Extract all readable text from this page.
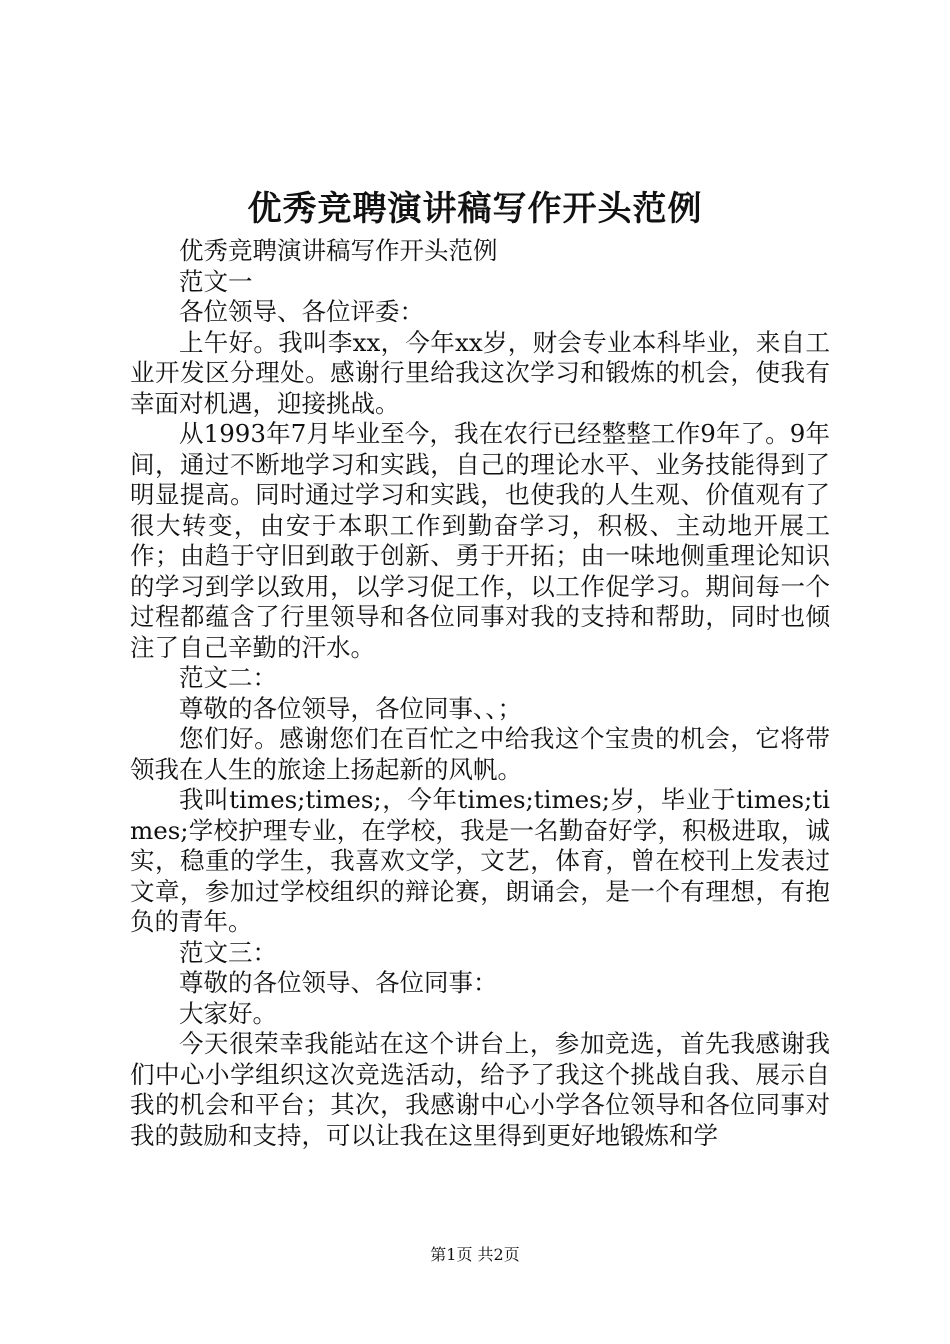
优秀竞聘演讲稿写作开头范例

优秀竞聘演讲稿写作开头范例

范文一

各位领导、各位评委：

上午好。我叫李xx，今年xx岁，财会专业本科毕业，来自工业开发区分理处。感谢行里给我这次学习和锻炼的机会，使我有幸面对机遇，迎接挑战。

从1993年7月毕业至今，我在农行已经整整工作9年了。9年间，通过不断地学习和实践，自己的理论水平、业务技能得到了明显提高。同时通过学习和实践，也使我的人生观、价值观有了很大转变，由安于本职工作到勤奋学习，积极、主动地开展工作；由趋于守旧到敢于创新、勇于开拓；由一味地侧重理论知识的学习到学以致用，以学习促工作，以工作促学习。期间每一个过程都蕴含了行里领导和各位同事对我的支持和帮助，同时也倾注了自己辛勤的汗水。

范文二：

尊敬的各位领导，各位同事、、；

您们好。感谢您们在百忙之中给我这个宝贵的机会，它将带领我在人生的旅途上扬起新的风帆。

我叫times;times;，今年times;times;岁，毕业于times;times;学校护理专业，在学校，我是一名勤奋好学，积极进取，诚实，稳重的学生，我喜欢文学，文艺，体育，曾在校刊上发表过文章，参加过学校组织的辩论赛，朗诵会，是一个有理想，有抱负的青年。

范文三：

尊敬的各位领导、各位同事：

大家好。

今天很荣幸我能站在这个讲台上，参加竞选，首先我感谢我们中心小学组织这次竞选活动，给予了我这个挑战自我、展示自我的机会和平台；其次，我感谢中心小学各位领导和各位同事对我的鼓励和支持，可以让我在这里得到更好地锻炼和学

第1页 共2页
